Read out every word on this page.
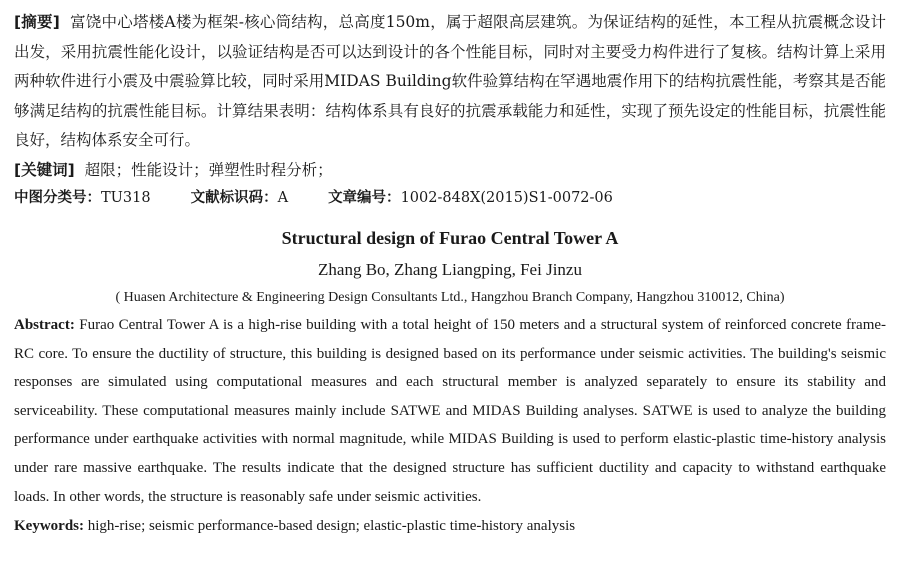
[摘要] 富饶中心塔楼A楼为框架-核心筒结构，总高度150m，属于超限高层建筑。为保证结构的延性，本工程从抗震概念设计出发，采用抗震性能化设计，以验证结构是否可以达到设计的各个性能目标，同时对主要受力构件进行了复核。结构计算上采用两种软件进行小震及中震验算比较，同时采用MIDAS Building软件验算结构在罕遇地震作用下的结构抗震性能，考察其是否能够满足结构的抗震性能目标。计算结果表明：结构体系具有良好的抗震承载能力和延性，实现了预先设定的性能目标，抗震性能良好，结构体系安全可行。
[关键词] 超限；性能设计；弹塑性时程分析；
中图分类号：TU318	文献标识码：A	文章编号：1002-848X(2015)S1-0072-06
Structural design of Furao Central Tower A
Zhang Bo, Zhang Liangping, Fei Jinzu
( Huasen Architecture & Engineering Design Consultants Ltd., Hangzhou Branch Company, Hangzhou 310012, China)
Abstract: Furao Central Tower A is a high-rise building with a total height of 150 meters and a structural system of reinforced concrete frame-RC core. To ensure the ductility of structure, this building is designed based on its performance under seismic activities. The building's seismic responses are simulated using computational measures and each structural member is analyzed separately to ensure its stability and serviceability. These computational measures mainly include SATWE and MIDAS Building analyses. SATWE is used to analyze the building performance under earthquake activities with normal magnitude, while MIDAS Building is used to perform elastic-plastic time-history analysis under rare massive earthquake. The results indicate that the designed structure has sufficient ductility and capacity to withstand earthquake loads. In other words, the structure is reasonably safe under seismic activities.
Keywords: high-rise; seismic performance-based design; elastic-plastic time-history analysis
